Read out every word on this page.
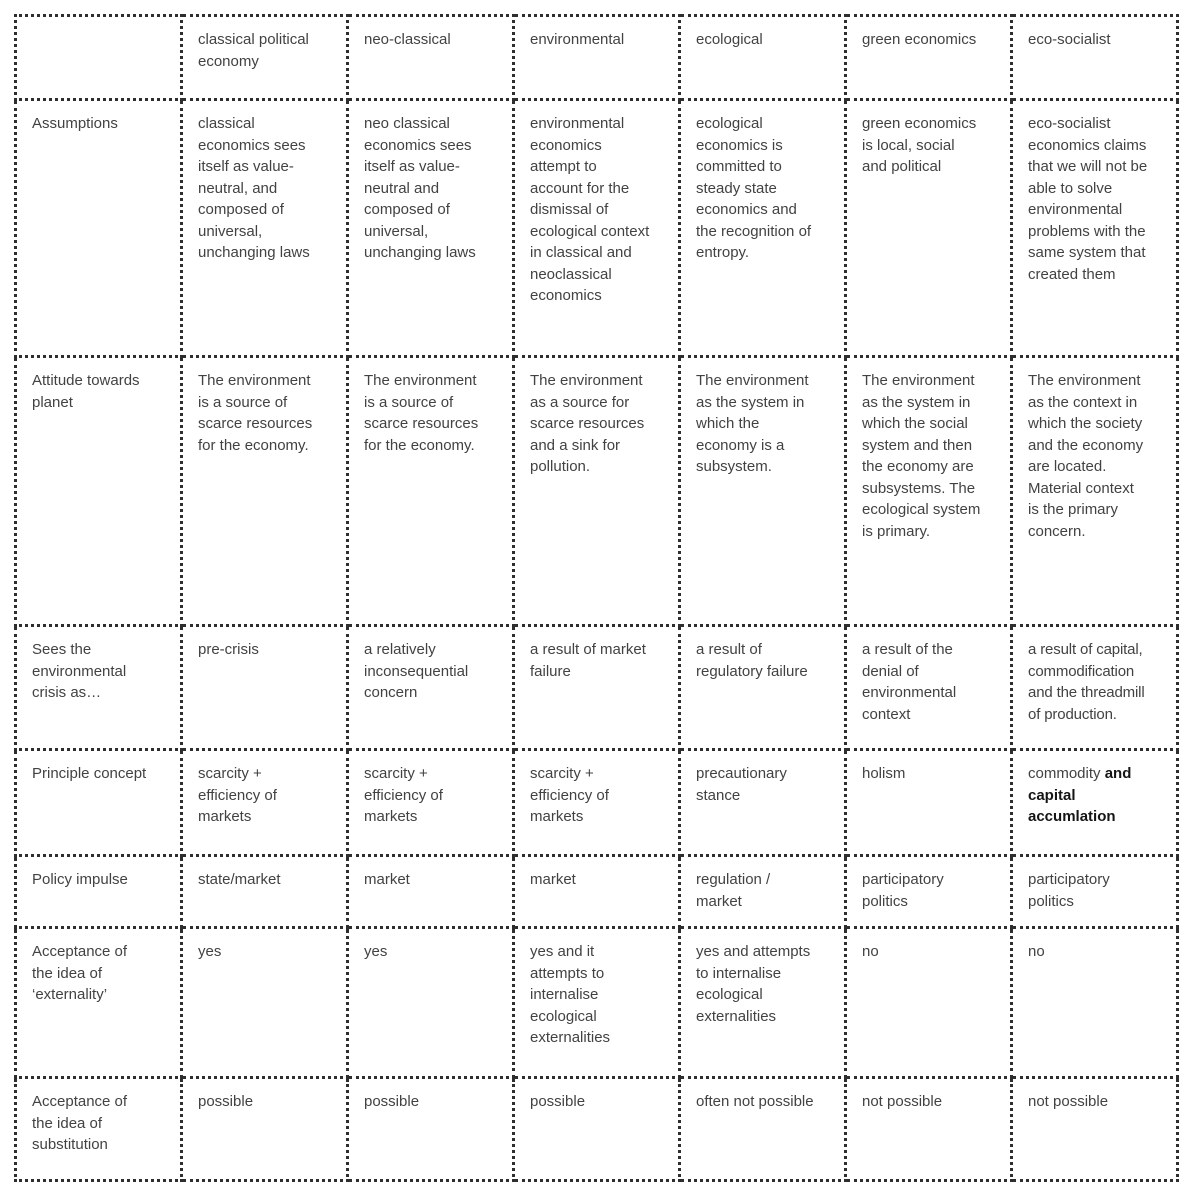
	classical political economy	neo-classical	environmental	ecological	green economics	eco-socialist
Assumptions	classical economics sees itself as value-neutral, and composed of universal, unchanging laws	neo classical economics sees itself as value-neutral and composed of universal, unchanging laws	environmental economics attempt to account for the dismissal of ecological context in classical and neoclassical economics	ecological economics is committed to steady state economics and the recognition of entropy.	green economics is local, social and political	eco-socialist economics claims that we will not be able to solve environmental problems with the same system that created them
Attitude towards planet	The environment is a source of scarce resources for the economy.	The environment is a source of scarce resources for the economy.	The environment as a source for scarce resources and a sink for pollution.	The environment as the system in which the economy is a subsystem.	The environment as the system in which the social system and then the economy are subsystems. The ecological system is primary.	The environment as the context in which the society and the economy are located. Material context is the primary concern.
Sees the environmental crisis as…	pre-crisis	a relatively inconsequential concern	a result of market failure	a result of regulatory failure	a result of the denial of environmental context	a result of capital, commodification and the threadmill of production.
Principle concept	scarcity + efficiency of markets	scarcity + efficiency of markets	scarcity + efficiency of markets	precautionary stance	holism	commodity and capital accumlation
Policy impulse	state/market	market	market	regulation / market	participatory politics	participatory politics
Acceptance of the idea of ‘externality’	yes	yes	yes and it attempts to internalise ecological externalities	yes and attempts to internalise ecological externalities	no	no
Acceptance of the idea of substitution	possible	possible	possible	often not possible	not possible	not possible
